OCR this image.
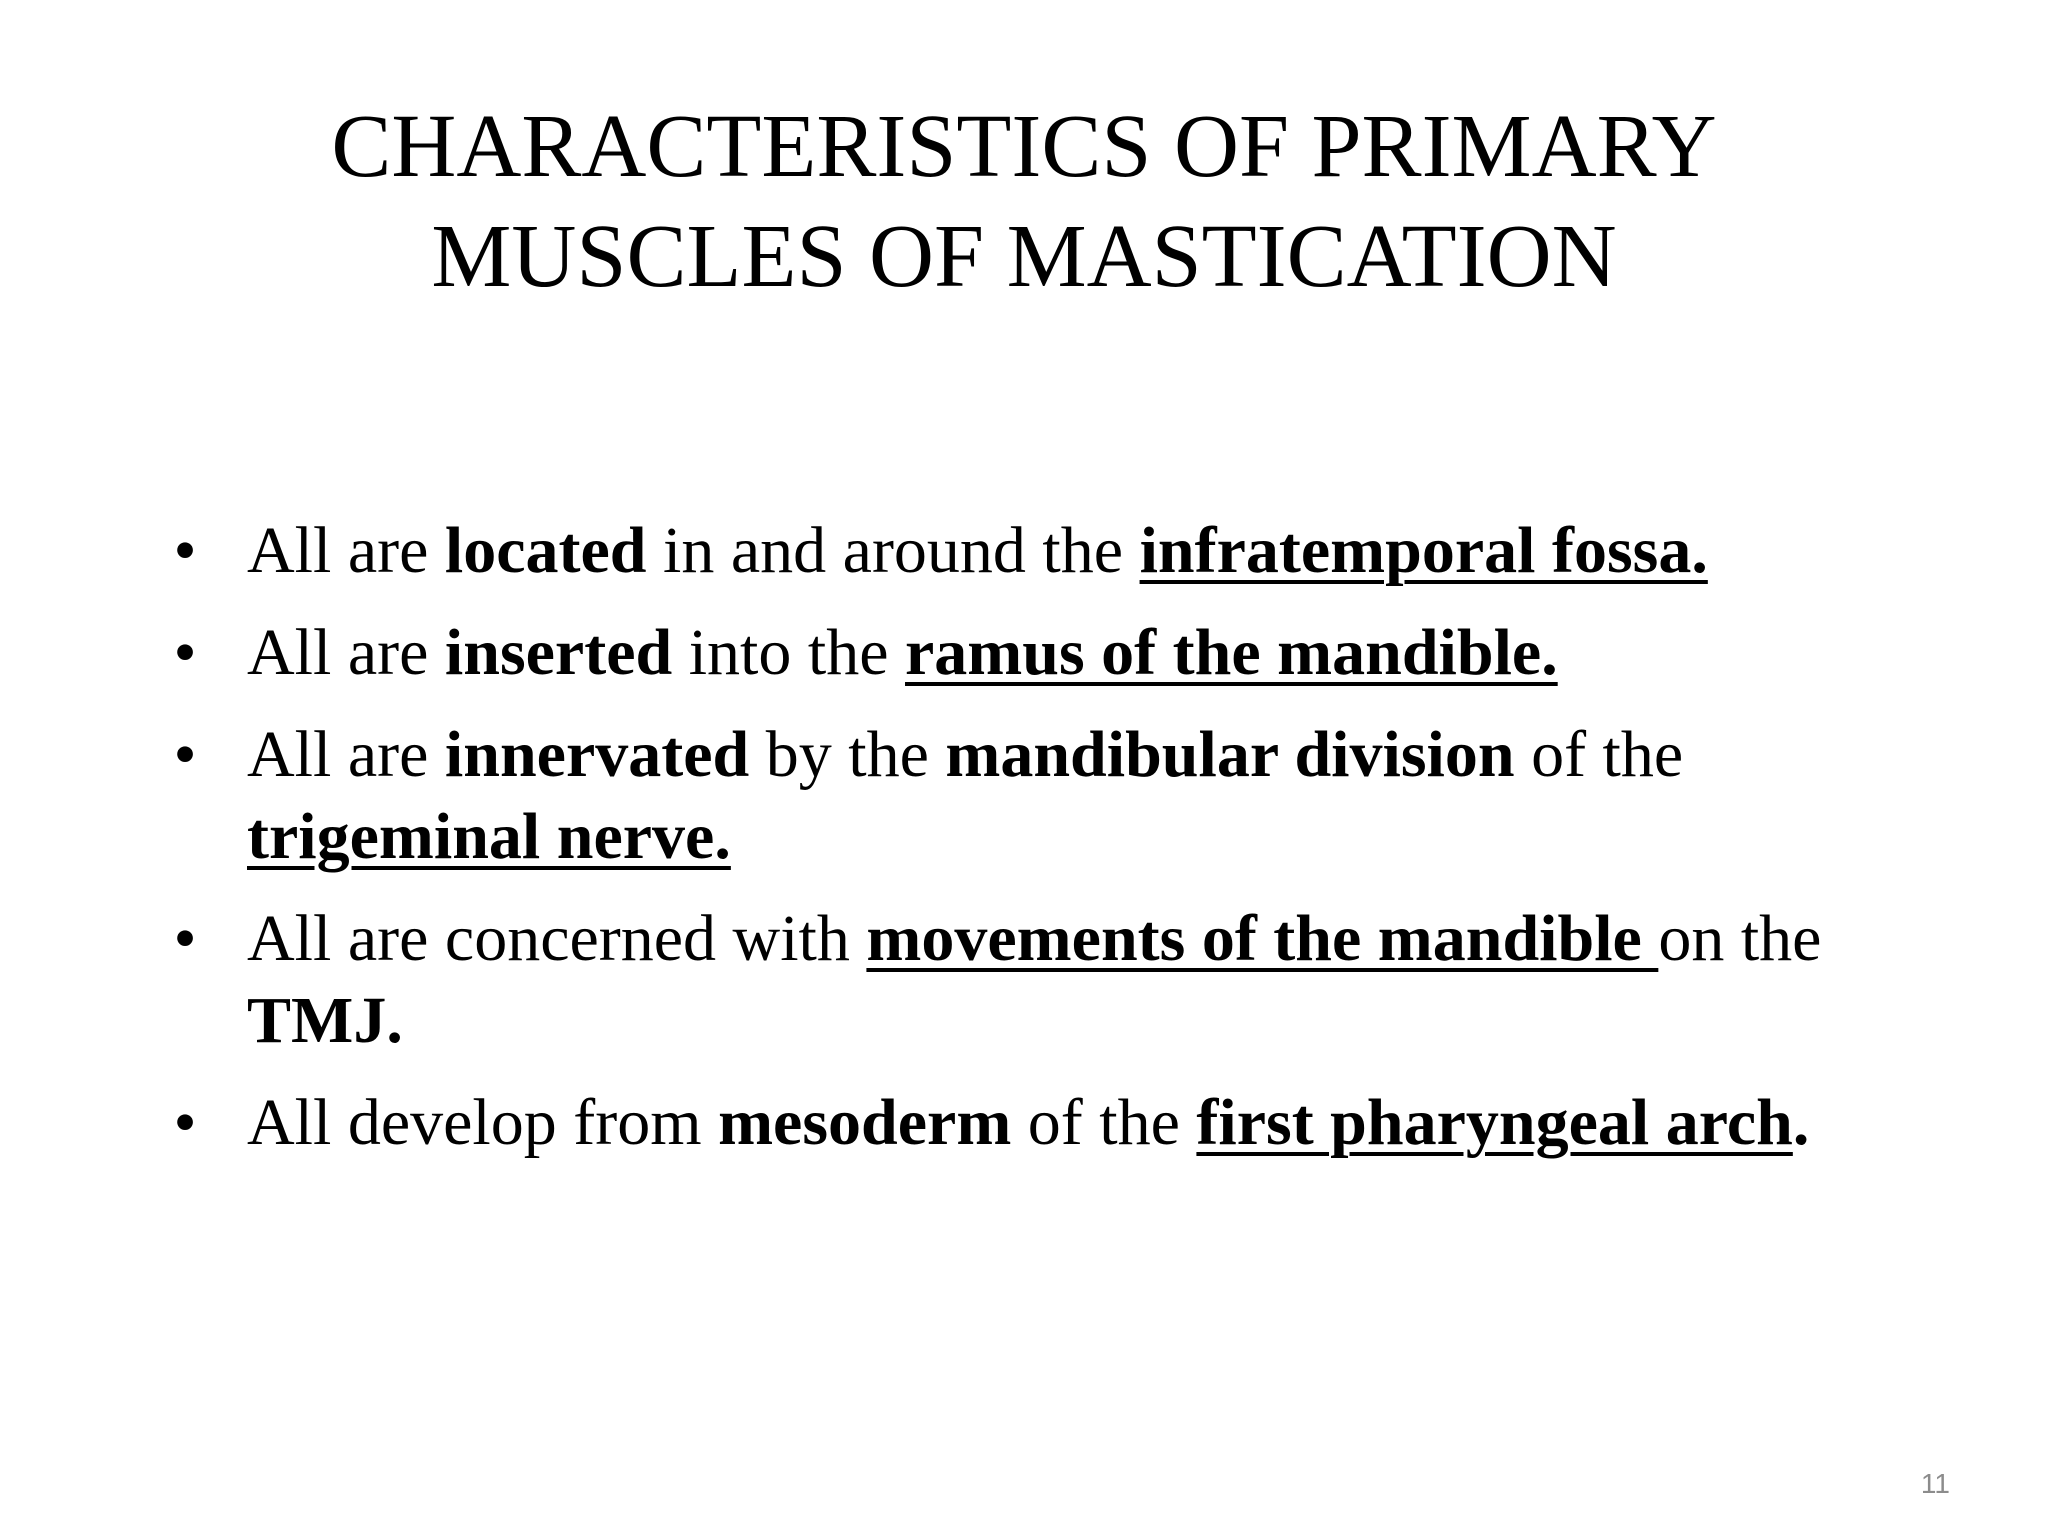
CHARACTERISTICS OF PRIMARY
MUSCLES OF MASTICATION
• All are located in and around the infratemporal fossa.
• All are inserted into the ramus of the mandible.
• All are innervated by the mandibular division of the trigeminal nerve.
• All are concerned with movements of the mandible on the TMJ.
• All develop from mesoderm of the first pharyngeal arch.
11
